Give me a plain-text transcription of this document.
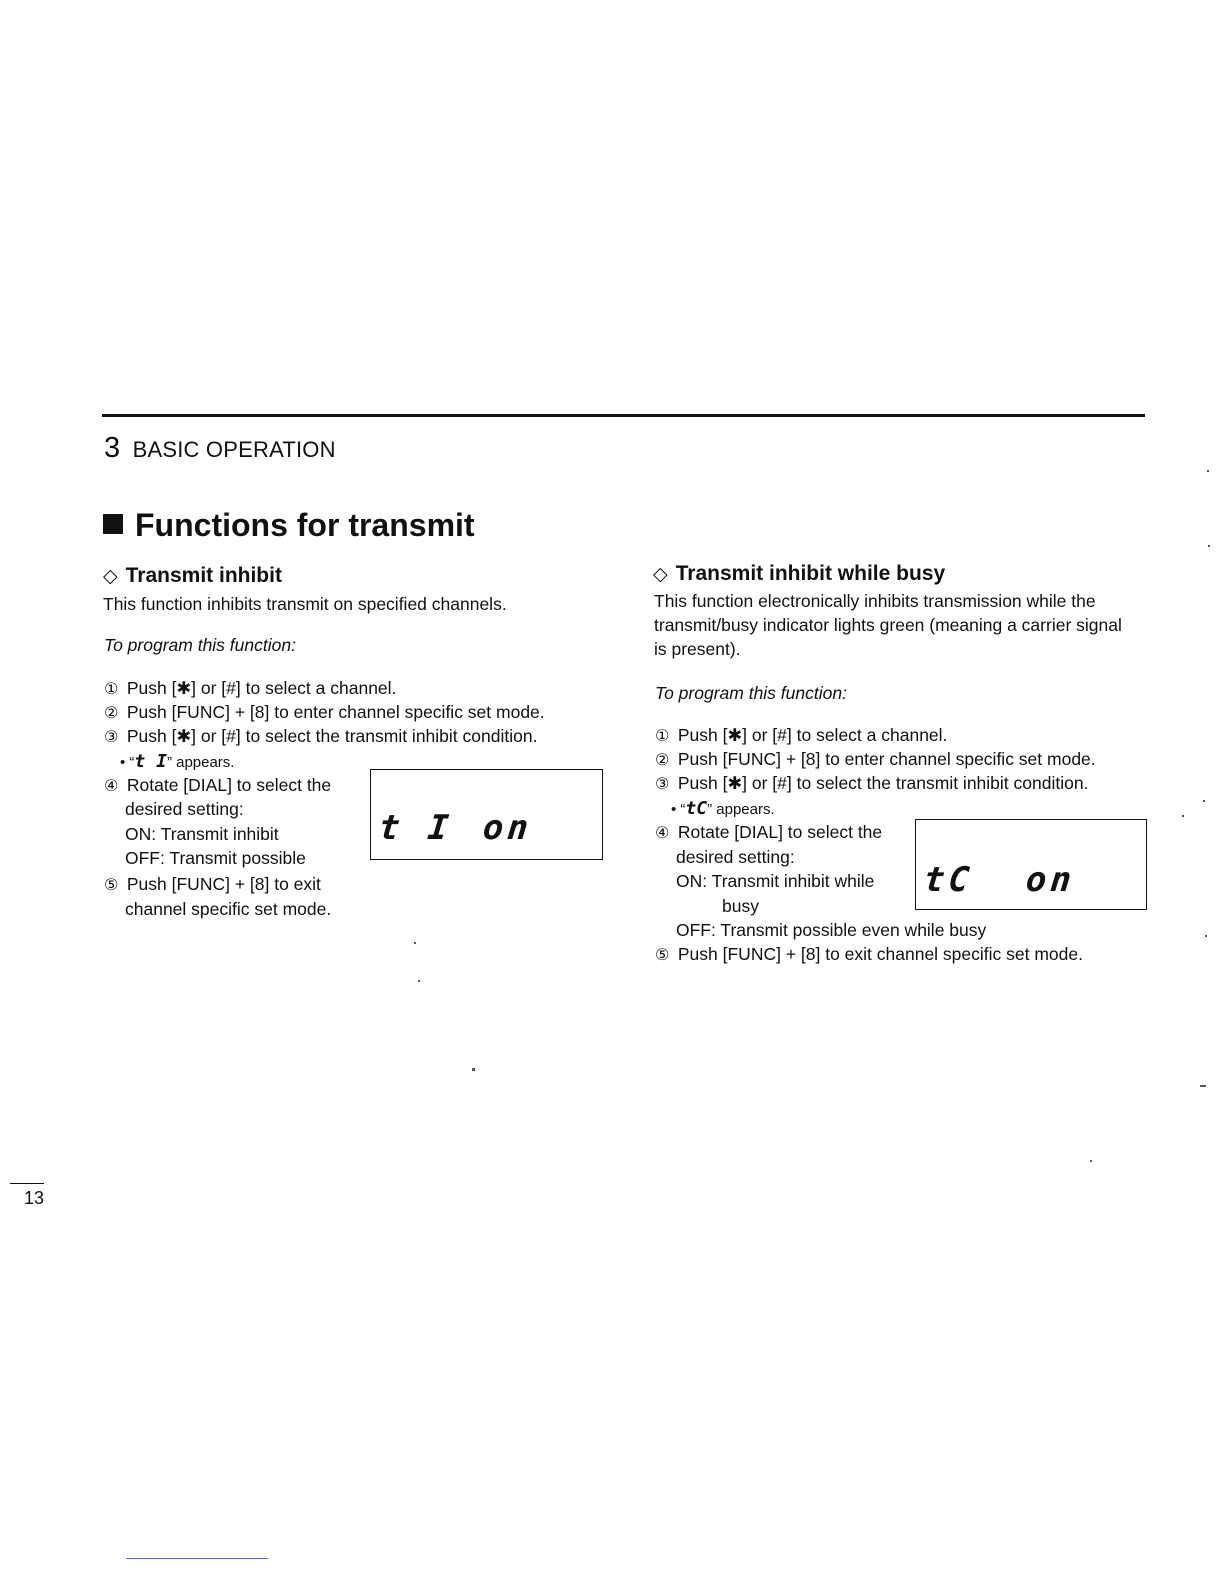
3 BASIC OPERATION
Functions for transmit
◇ Transmit inhibit
This function inhibits transmit on specified channels.
To program this function:
① Push [✱] or [#] to select a channel.
② Push [FUNC] + [8] to enter channel specific set mode.
③ Push [✱] or [#] to select the transmit inhibit condition.
• “t I” appears.
④ Rotate [DIAL] to select the
desired setting:
ON: Transmit inhibit
OFF: Transmit possible
⑤ Push [FUNC] + [8] to exit
channel specific set mode.
t I on
◇ Transmit inhibit while busy
This function electronically inhibits transmission while the
transmit/busy indicator lights green (meaning a carrier signal
is present).
To program this function:
① Push [✱] or [#] to select a channel.
② Push [FUNC] + [8] to enter channel specific set mode.
③ Push [✱] or [#] to select the transmit inhibit condition.
• “tC” appears.
④ Rotate [DIAL] to select the
desired setting:
ON: Transmit inhibit while
busy
OFF: Transmit possible even while busy
⑤ Push [FUNC] + [8] to exit channel specific set mode.
tC on
13
